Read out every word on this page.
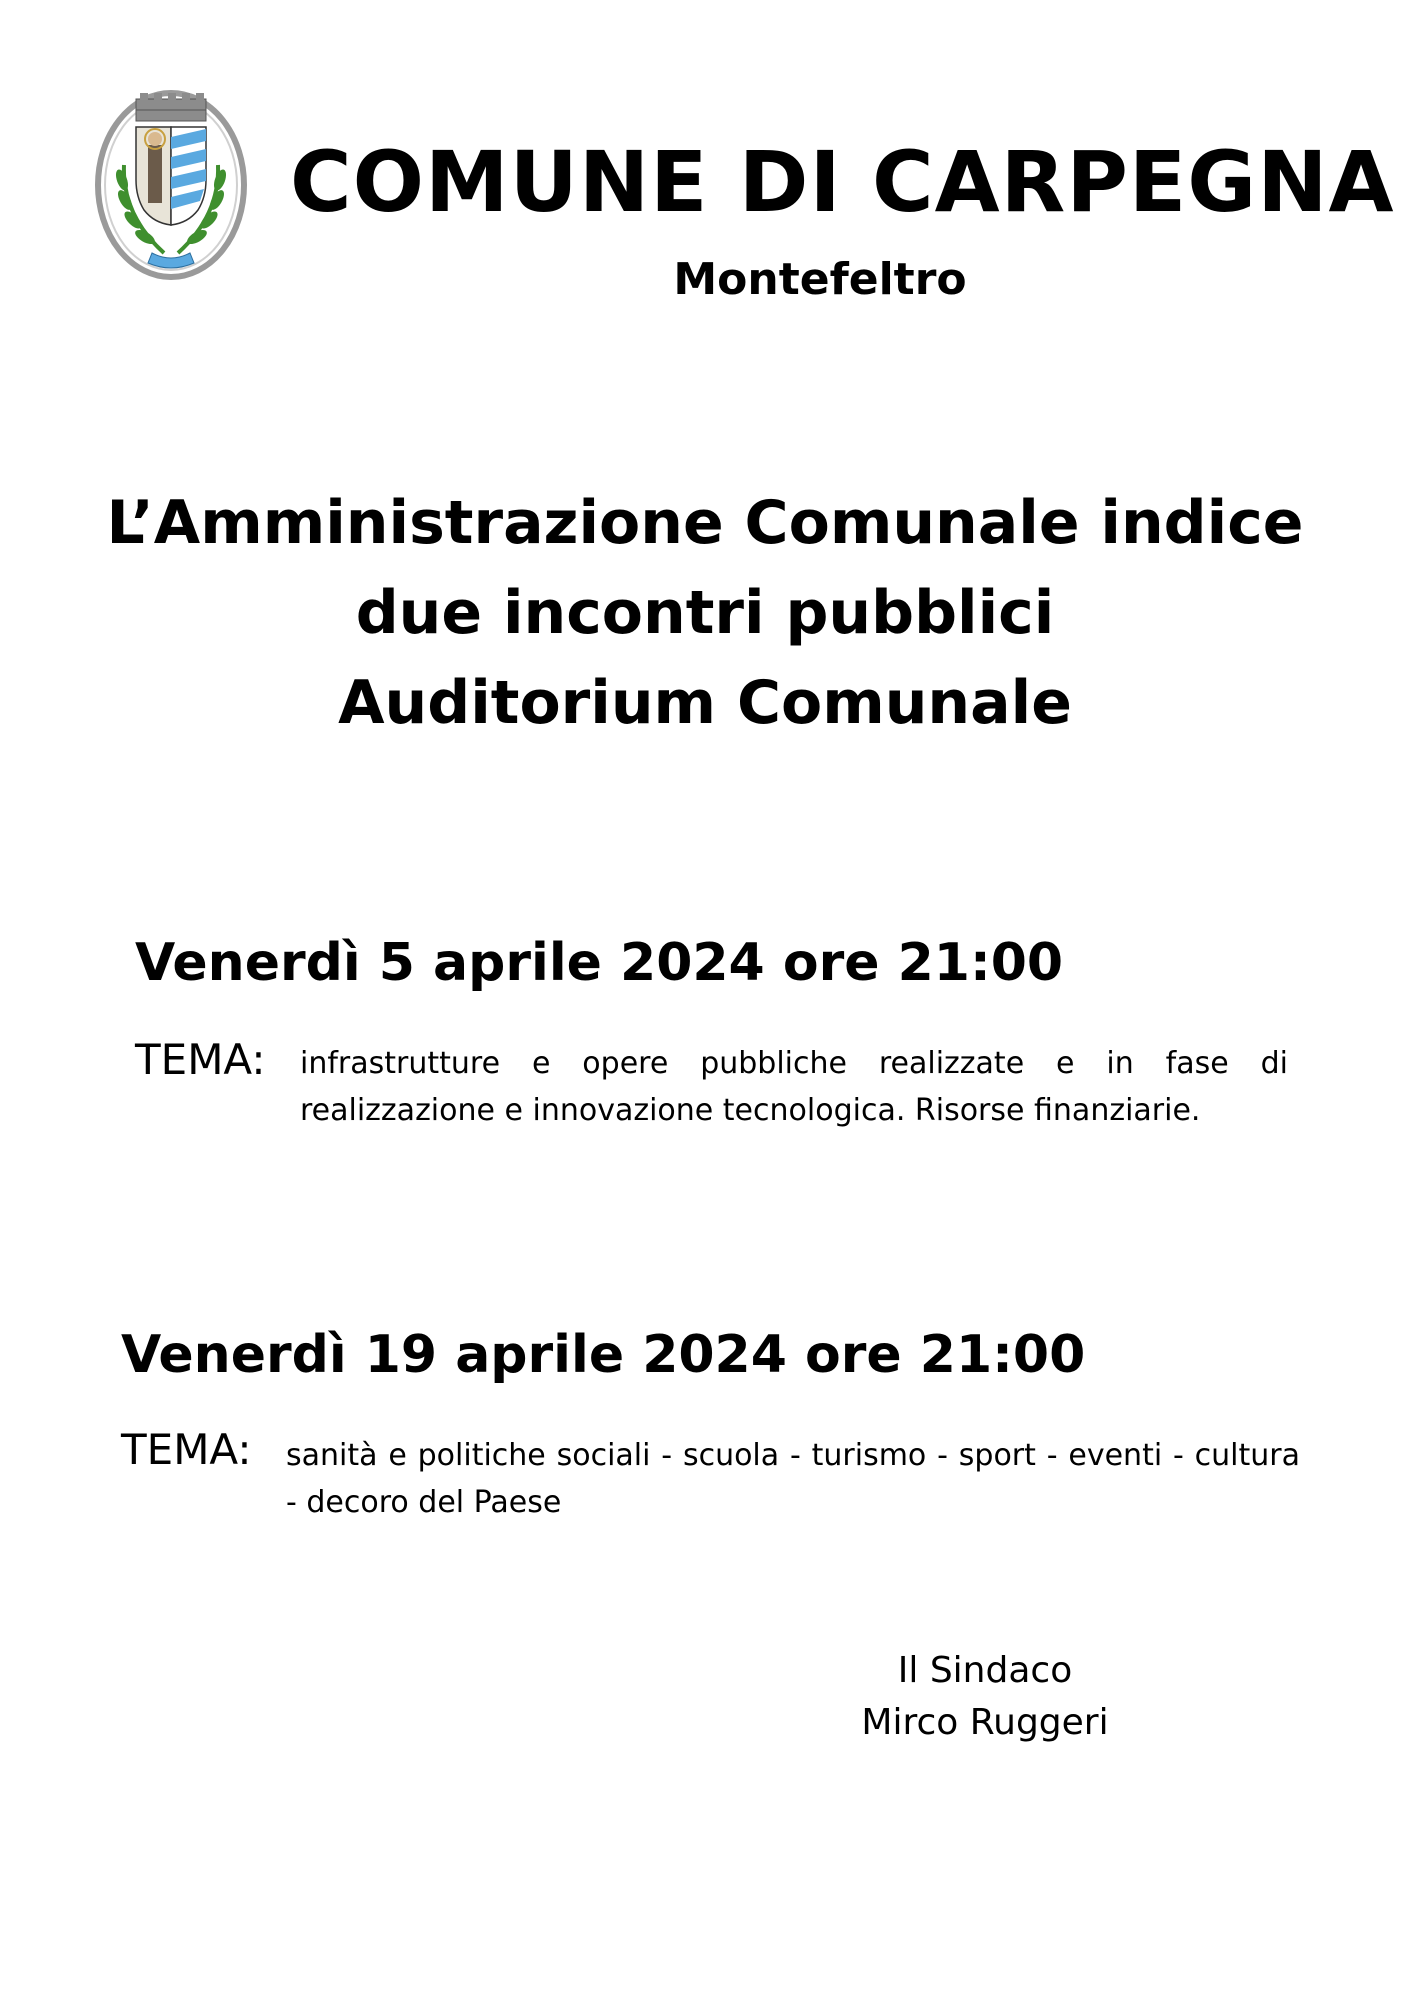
COMUNE DI CARPEGNA
Montefeltro
L’Amministrazione Comunale indice
due incontri pubblici
Auditorium Comunale
Venerdì 5 aprile 2024 ore 21:00
TEMA: infrastrutture e opere pubbliche realizzate e in fase di realizzazione e innovazione tecnologica. Risorse finanziarie.
Venerdì 19 aprile 2024 ore 21:00
TEMA: sanità e politiche sociali - scuola - turismo - sport - eventi - cultura - decoro del Paese
Il Sindaco
Mirco Ruggeri
